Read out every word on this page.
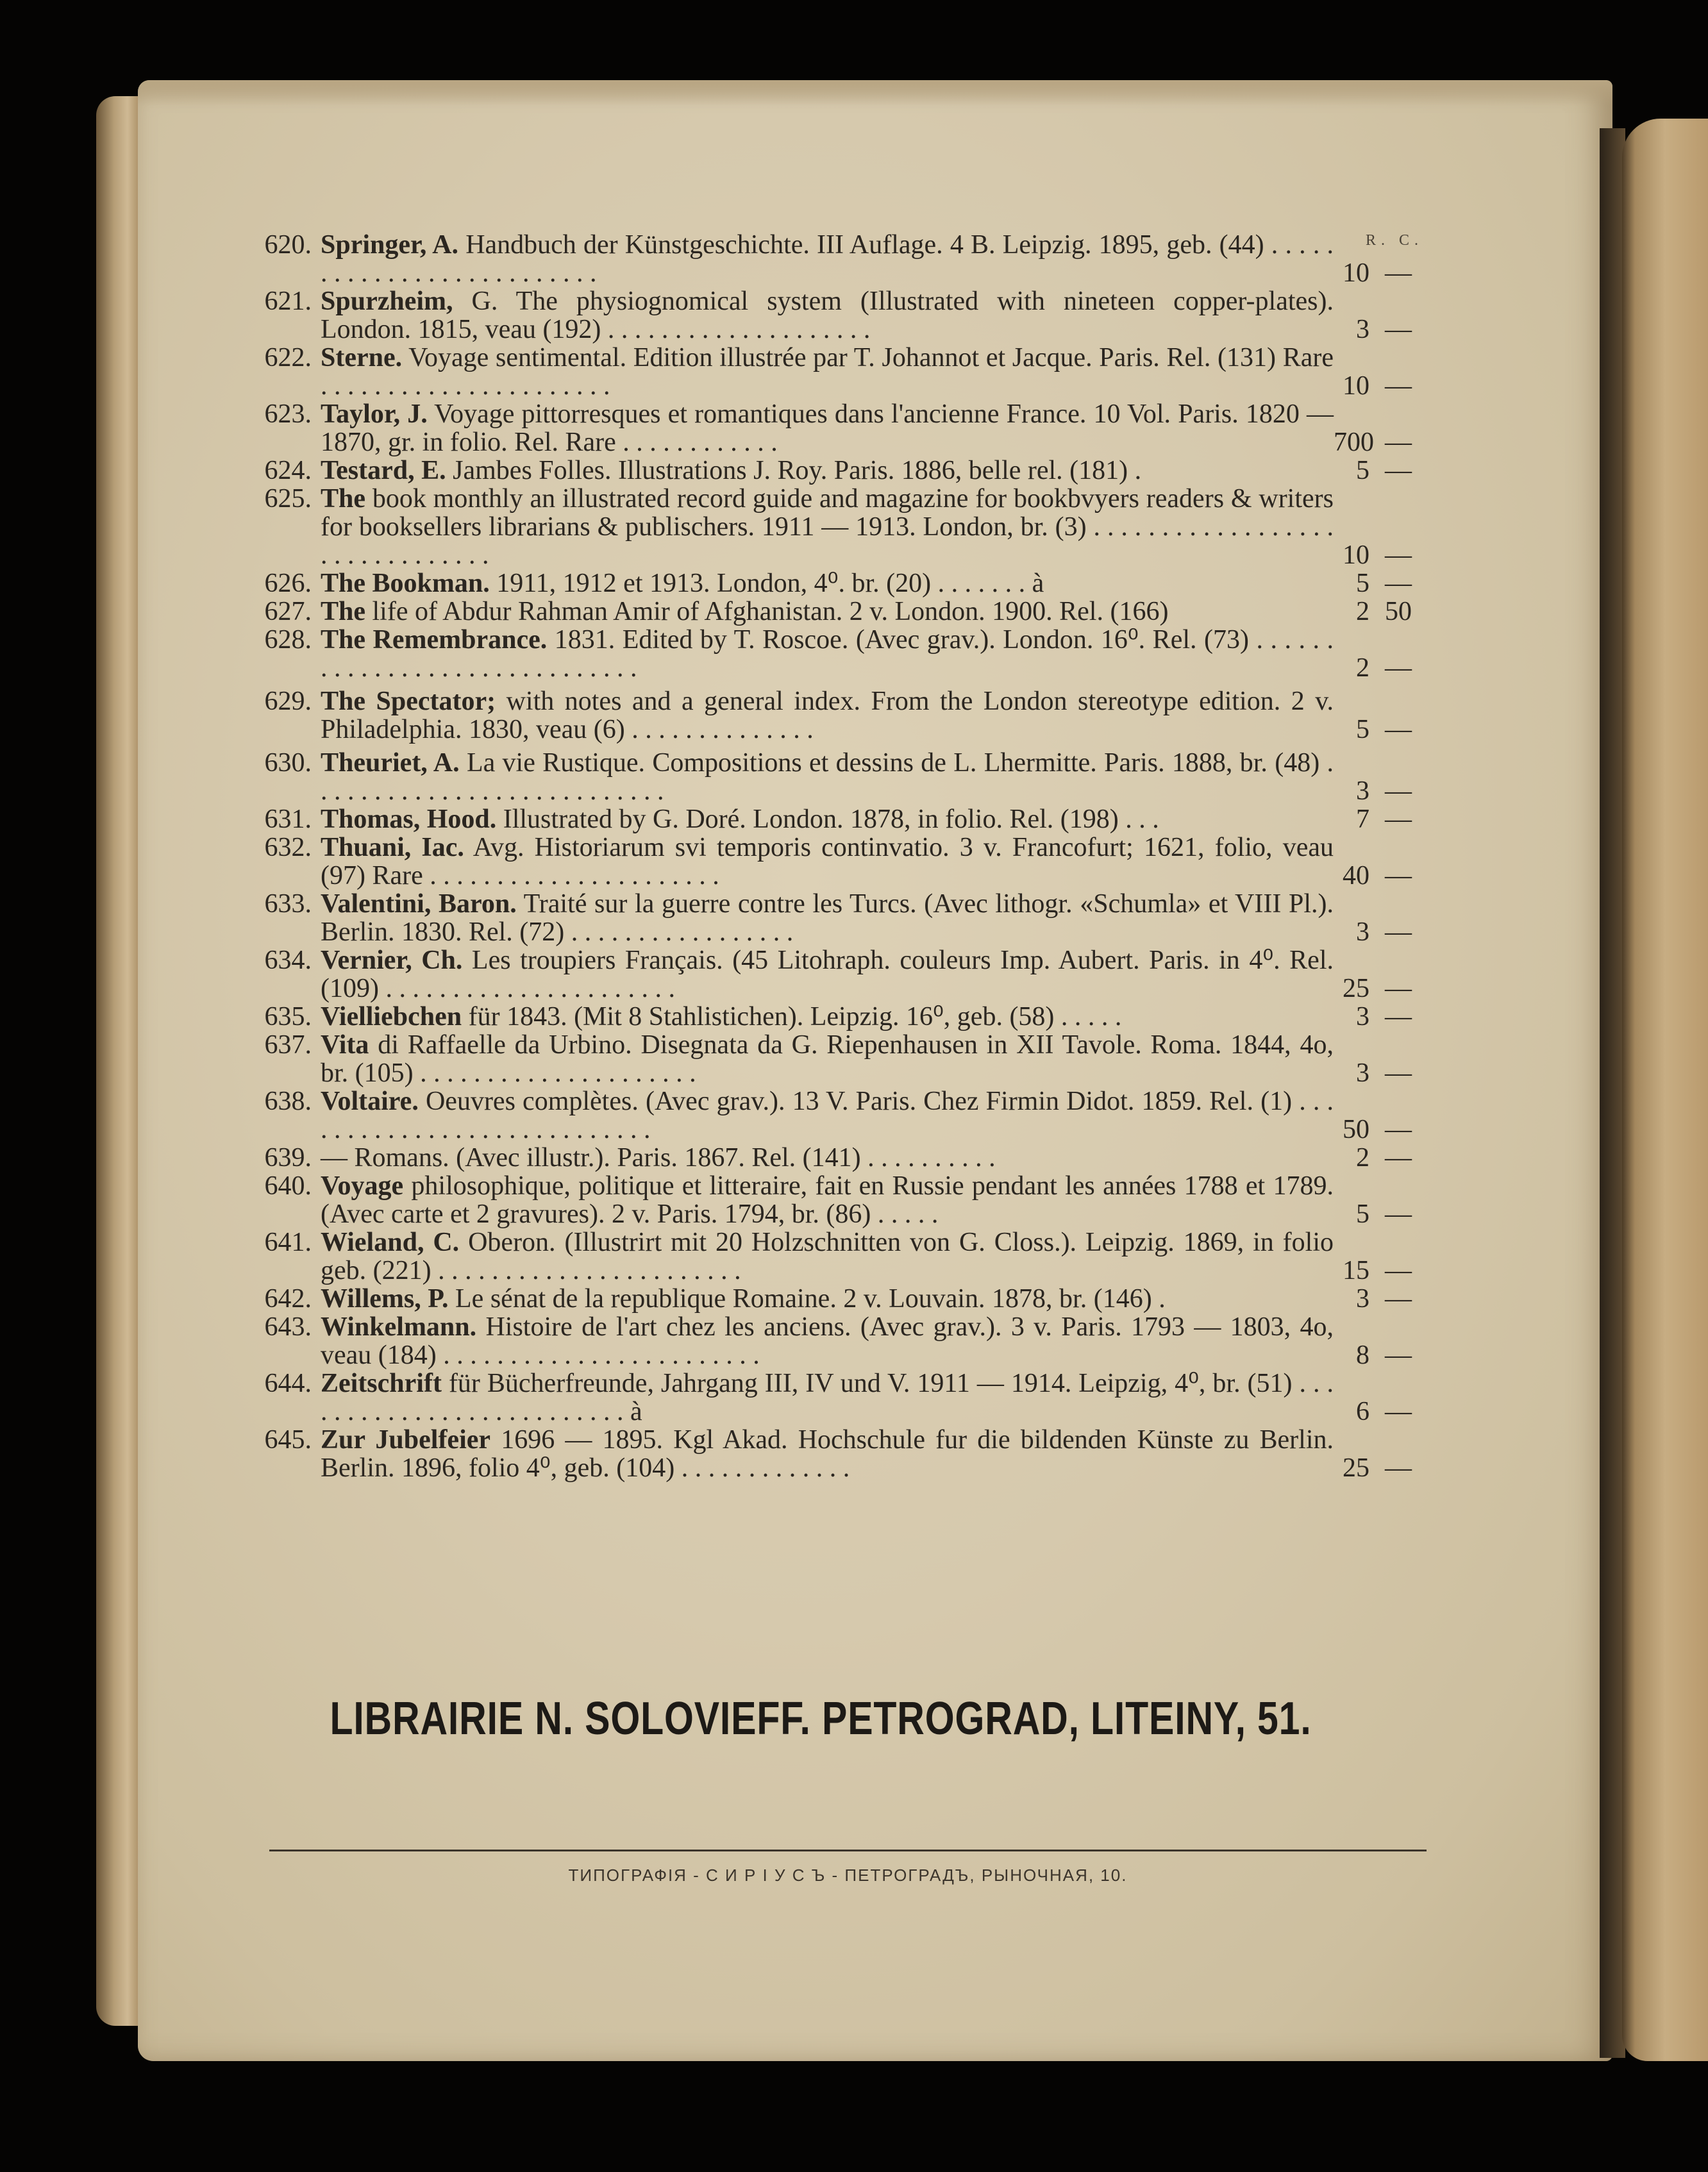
R. C.
620. Springer, A. Handbuch der Künstgeschichte. III Auflage. 4 B. Leipzig. 1895, geb. (44) . . . . . . . . . . . . . . . . . . . . . . . . . .	10 —
621. Spurzheim, G. The physiognomical system (Illustrated with nineteen copper-plates). London. 1815, veau (192) . . . . . . . . . . . . . . . . . . . .	3 —
622. Sterne. Voyage sentimental. Edition illustrée par T. Johannot et Jacque. Paris. Rel. (131) Rare . . . . . . . . . . . . . . . . . . . . . .	10 —
623. Taylor, J. Voyage pittorresques et romantiques dans l'ancienne France. 10 Vol. Paris. 1820 — 1870, gr. in folio. Rel. Rare . . . . . . . . . . . .	700 —
624. Testard, E. Jambes Folles. Illustrations J. Roy. Paris. 1886, belle rel. (181) .	5 —
625. The book monthly an illustrated record guide and magazine for bookbvyers readers & writers for booksellers librarians & publischers. 1911 — 1913. London, br. (3) . . . . . . . . . . . . . . . . . . . . . . . . . . . . . . .	10 —
626. The Bookman. 1911, 1912 et 1913. London, 4⁰. br. (20) . . . . . . . à	5 —
627. The life of Abdur Rahman Amir of Afghanistan. 2 v. London. 1900. Rel. (166)	2 50
628. The Remembrance. 1831. Edited by T. Roscoe. (Avec grav.). London. 16⁰. Rel. (73) . . . . . . . . . . . . . . . . . . . . . . . . . . . . . .	2 —
629. The Spectator; with notes and a general index. From the London stereotype edition. 2 v. Philadelphia. 1830, veau (6) . . . . . . . . . . . . . .	5 —
630. Theuriet, A. La vie Rustique. Compositions et dessins de L. Lhermitte. Paris. 1888, br. (48) . . . . . . . . . . . . . . . . . . . . . . . . . . .	3 —
631. Thomas, Hood. Illustrated by G. Doré. London. 1878, in folio. Rel. (198) . . .	7 —
632. Thuani, Iac. Avg. Historiarum svi temporis continvatio. 3 v. Francofurt; 1621, folio, veau (97) Rare . . . . . . . . . . . . . . . . . . . . . .	40 —
633. Valentini, Baron. Traité sur la guerre contre les Turcs. (Avec lithogr. «Schumla» et VIII Pl.). Berlin. 1830. Rel. (72) . . . . . . . . . . . . . . . . .	3 —
634. Vernier, Ch. Les troupiers Français. (45 Litohraph. couleurs Imp. Aubert. Paris. in 4⁰. Rel. (109) . . . . . . . . . . . . . . . . . . . . . .	25 —
635. Vielliebchen für 1843. (Mit 8 Stahlistichen). Leipzig. 16⁰, geb. (58) . . . . .	3 —
637. Vita di Raffaelle da Urbino. Disegnata da G. Riepenhausen in XII Tavole. Roma. 1844, 4o, br. (105) . . . . . . . . . . . . . . . . . . . . .	3 —
638. Voltaire. Oeuvres complètes. (Avec grav.). 13 V. Paris. Chez Firmin Didot. 1859. Rel. (1) . . . . . . . . . . . . . . . . . . . . . . . . . . . .	50 —
639. — Romans. (Avec illustr.). Paris. 1867. Rel. (141) . . . . . . . . . .	2 —
640. Voyage philosophique, politique et litteraire, fait en Russie pendant les années 1788 et 1789. (Avec carte et 2 gravures). 2 v. Paris. 1794, br. (86) . . . . .	5 —
641. Wieland, C. Oberon. (Illustrirt mit 20 Holzschnitten von G. Closs.). Leipzig. 1869, in folio geb. (221) . . . . . . . . . . . . . . . . . . . . . . .	15 —
642. Willems, P. Le sénat de la republique Romaine. 2 v. Louvain. 1878, br. (146) .	3 —
643. Winkelmann. Histoire de l'art chez les anciens. (Avec grav.). 3 v. Paris. 1793 — 1803, 4o, veau (184) . . . . . . . . . . . . . . . . . . . . . . . .	8 —
644. Zeitschrift für Bücherfreunde, Jahrgang III, IV und V. 1911 — 1914. Leipzig, 4⁰, br. (51) . . . . . . . . . . . . . . . . . . . . . . . . . . à	6 —
645. Zur Jubelfeier 1696 — 1895. Kgl Akad. Hochschule fur die bildenden Künste zu Berlin. Berlin. 1896, folio 4⁰, geb. (104) . . . . . . . . . . . . .	25 —
LIBRAIRIE N. SOLOVIEFF. PETROGRAD, LITEINY, 51.
ТИПОГРАФІЯ - С И Р І У С Ъ - ПЕТРОГРАДЪ, РЫНОЧНАЯ, 10.
